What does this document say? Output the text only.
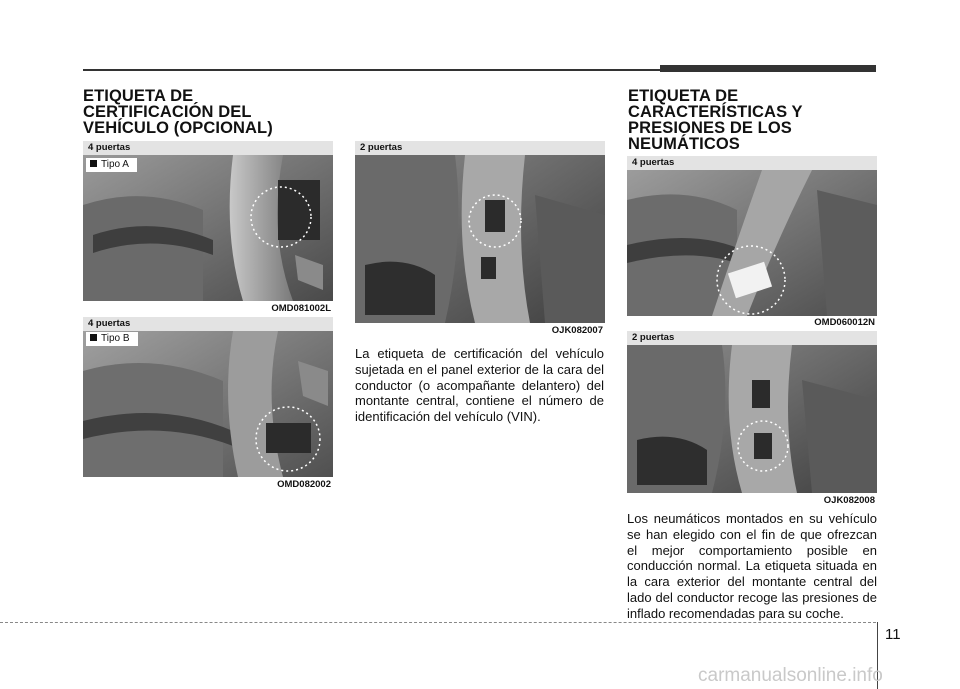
ETIQUETA DE
CERTIFICACIÓN DEL
VEHÍCULO (OPCIONAL)
ETIQUETA DE
CARACTERÍSTICAS Y
PRESIONES DE LOS
NEUMÁTICOS
4 puertas
Tipo A
OMD081002L
4 puertas
Tipo B
OMD082002
2 puertas
OJK082007

La etiqueta de certificación del vehículo sujetada en el panel exterior de la cara del conductor (o acompañante delantero) del montante central, contiene el número de identificación del vehículo (VIN).

4 puertas
OMD060012N
2 puertas
OJK082008

Los neumáticos montados en su vehículo se han elegido con el fin de que ofrezcan el mejor comportamiento posible en conducción normal. La etiqueta situada en la cara exterior del montante central del lado del conductor recoge las presiones de inflado recomendadas para su coche.

11
carmanualsonline.info
